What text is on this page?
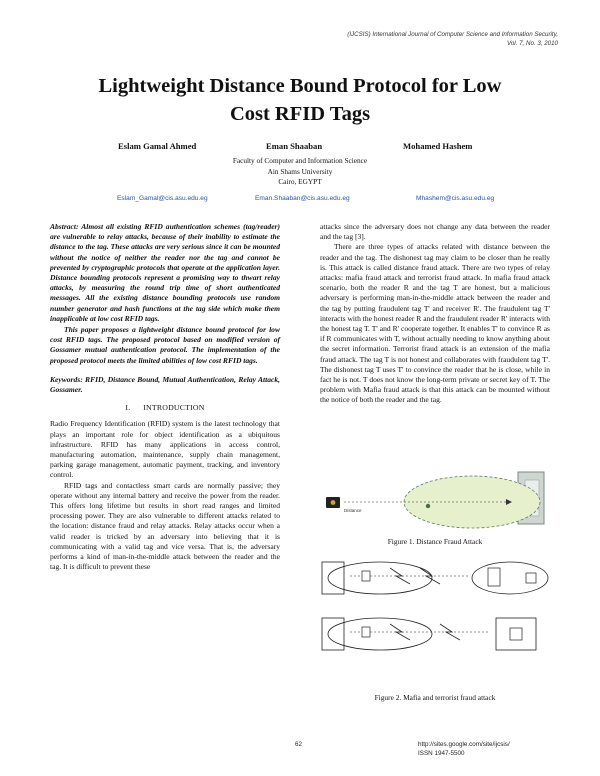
(IJCSIS) International Journal of Computer Science and Information Security,
Vol. 7, No. 3, 2010
Lightweight Distance Bound Protocol for Low
Cost RFID Tags
Eslam Gamal Ahmed	Eman Shaaban	Mohamed Hashem
Faculty of Computer and Information Science
Ain Shams University
Cairo, EGYPT
Eslam_Gamal@cis.asu.edu.eg	Eman.Shaaban@cis.asu.edu.eg	Mhashem@cis.asu.edu.eg

Abstract: Almost all existing RFID authentication schemes (tag/reader) are vulnerable to relay attacks, because of their inability to estimate the distance to the tag. These attacks are very serious since it can be mounted without the notice of neither the reader nor the tag and cannot be prevented by cryptographic protocols that operate at the application layer. Distance bounding protocols represent a promising way to thwart relay attacks, by measuring the round trip time of short authenticated messages. All the existing distance bounding protocols use random number generator and hash functions at the tag side which make them inapplicable at low cost RFID tags.

This paper proposes a lightweight distance bound protocol for low cost RFID tags. The proposed protocol based on modified version of Gossamer mutual authentication protocol. The implementation of the proposed protocol meets the limited abilities of low cost RFID tags.

Keywords: RFID, Distance Bound, Mutual Authentication, Relay Attack, Gossamer.

I.      INTRODUCTION

Radio Frequency Identification (RFID) system is the latest technology that plays an important role for object identification as a ubiquitous infrastructure. RFID has many applications in access control, manufacturing automation, maintenance, supply chain management, parking garage management, automatic payment, tracking, and inventory control.

RFID tags and contactless smart cards are normally passive; they operate without any internal battery and receive the power from the reader. This offers long lifetime but results in short read ranges and limited processing power. They are also vulnerable to different attacks related to the location: distance fraud and relay attacks. Relay attacks occur when a valid reader is tricked by an adversary into believing that it is communicating with a valid tag and vice versa. That is, the adversary performs a kind of man-in-the-middle attack between the reader and the tag. It is difficult to prevent these

attacks since the adversary does not change any data between the reader and the tag [3].

There are three types of attacks related with distance between the reader and the tag. The dishonest tag may claim to be closer than he really is. This attack is called distance fraud attack. There are two types of relay attacks: mafia fraud attack and terrorist fraud attack. In mafia fraud attack scenario, both the reader R and the tag T are honest, but a malicious adversary is performing man-in-the-middle attack between the reader and the tag by putting fraudulent tag T' and receiver R'. The fraudulent tag T' interacts with the honest reader R and the fraudulent reader R' interacts with the honest tag T. T' and R' cooperate together. It enables T' to convince R as if R communicates with T, without actually needing to know anything about the secret information. Terrorist fraud attack is an extension of the mafia fraud attack. The tag T is not honest and collaborates with fraudulent tag T'. The dishonest tag T uses T' to convince the reader that he is close, while in fact he is not. T does not know the long-term private or secret key of T. The problem with Mafia fraud attack is that this attack can be mounted without the notice of both the reader and the tag.

Distance
Figure 1. Distance Fraud Attack
Figure 2. Mafia and terrorist fraud attack
62	http://sites.google.com/site/ijcsis/
ISSN 1947-5500
